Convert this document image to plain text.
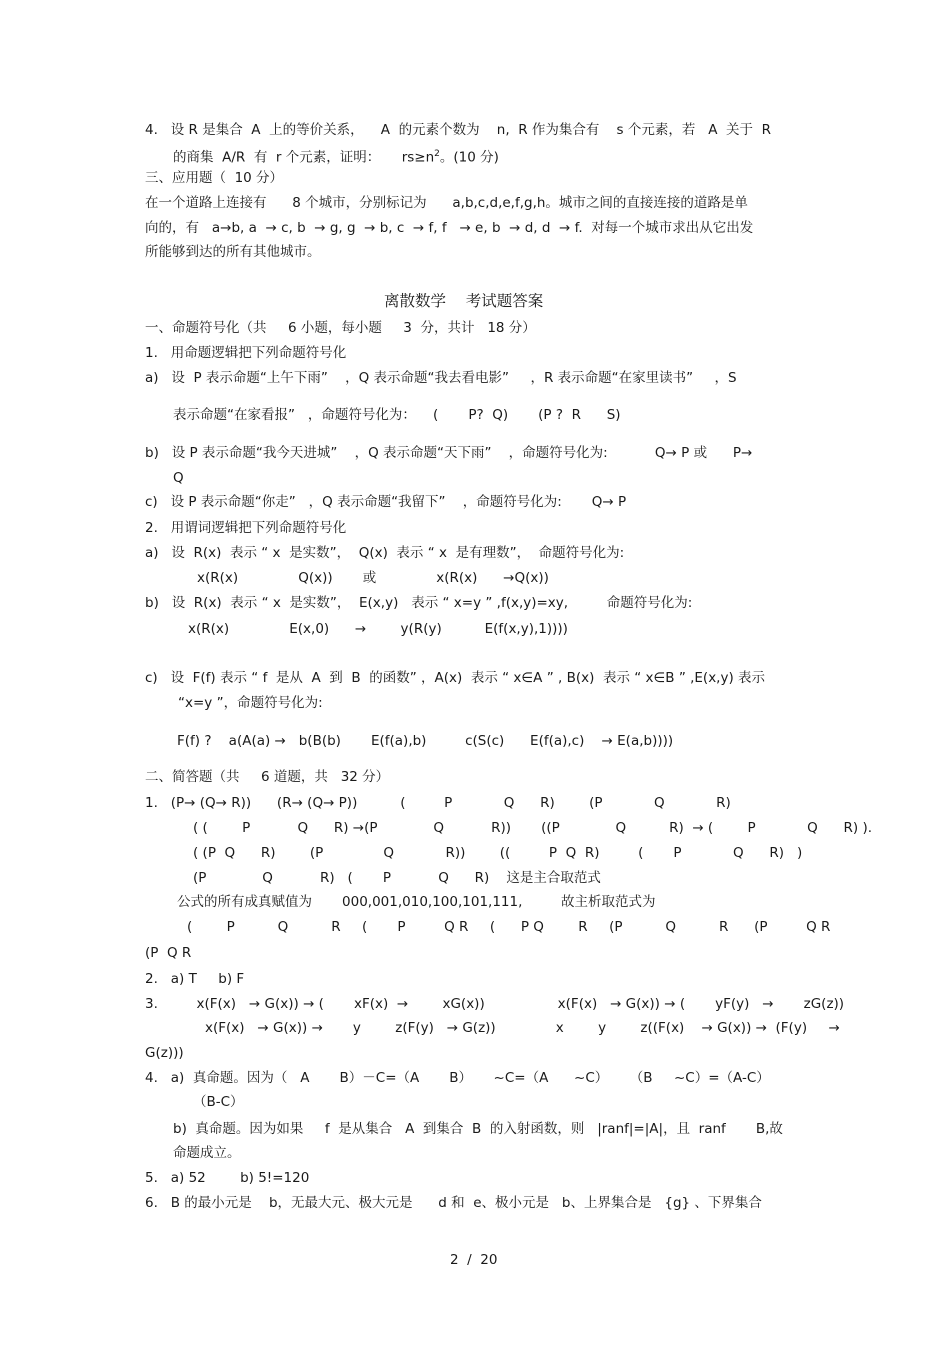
4.   设 R 是集合  A  上的等价关系，    A  的元素个数为    n,  R 作为集合有    s 个元素，若   A  关于  R
的商集  A/R  有  r 个元素，证明：     $rs\ge n^2$。(10 分)
三、应用题（  10 分）
在一个道路上连接有      8 个城市，分别标记为      a,b,c,d,e,f,g,h。城市之间的直接连接的道路是单
向的，有   a→b, a  → c, b  → g, g  → b, c  → f, f   → e, b  → d, d  → f.  对每一个城市求出从它出发
所能够到达的所有其他城市。
离散数学    考试题答案
一、命题符号化（共     6 小题，每小题     3  分，共计   18 分）
1.   用命题逻辑把下列命题符号化
a)   设  P 表示命题“上午下雨”    ，Q 表示命题“我去看电影”     ，R 表示命题“在家里读书”     ，S
表示命题“在家看报”   ，命题符号化为：    (       P?  Q)       (P ?  R      S)
b)   设 P 表示命题“我今天进城”    ，Q 表示命题“天下雨”    ，命题符号化为:           Q→ P 或      P→
Q
c)   设 P 表示命题“你走”   ，Q 表示命题“我留下”    ，命题符号化为:       Q→ P
2.   用谓词逻辑把下列命题符号化
a)   设  R(x)  表示 “ x  是实数”，  Q(x)  表示 “ x  是有理数”，  命题符号化为:
x(R(x)              Q(x))       或              x(R(x)      →Q(x))
b)   设  R(x)  表示 “ x  是实数”，  E(x,y)   表示 “ x=y ” ,f(x,y)=xy,         命题符号化为:
x(R(x)              E(x,0)      →        y(R(y)          E(f(x,y),1))))
c)   设  F(f) 表示 “ f  是从  A  到  B  的函数” ，A(x)  表示 “ x∈A ” , B(x)  表示 “ x∈B ” ,E(x,y) 表示
“x=y ”，命题符号化为:
F(f) ?    a(A(a) →   b(B(b)       E(f(a),b)         c(S(c)      E(f(a),c)    → E(a,b))))
二、简答题（共     6 道题，共   32 分）
1.   (P→ (Q→ R))      (R→ (Q→ P))          (         P            Q      R)        (P            Q            R)
( (        P           Q      R) →(P             Q           R))       ((P             Q          R)  → (        P            Q      R) ).
( (P  Q      R)        (P              Q            R))        ((         P  Q  R)         (       P            Q      R)   )
(P             Q           R)   (       P           Q      R)    这是主合取范式
公式的所有成真赋值为       000,001,010,100,101,111,         故主析取范式为
(        P          Q          R     (       P         Q R     (      P Q        R     (P          Q          R      (P         Q R
(P  Q R
2.   a) T     b) F
3.         x(F(x)   → G(x)) → (       xF(x)  →        xG(x))                 x(F(x)   → G(x)) → (       yF(y)   →       zG(z))
x(F(x)   → G(x)) →       y        z(F(y)   → G(z))              x        y        z((F(x)    → G(x)) →  (F(y)     →
G(z)))
4.   a)  真命题。因为（   A       B）－C=（A       B）     ~C=（A      ~C）     （B     ~C）=（A-C）
（B-C）
b)  真命题。因为如果     f  是从集合   A  到集合  B  的入射函数，则   |ranf|=|A|，且  ranf       B,故
命题成立。
5.   a) 52        b) 5!=120
6.   B 的最小元是    b，无最大元、极大元是      d 和  e、极小元是   b、上界集合是   {g} 、下界集合
2  /  20
